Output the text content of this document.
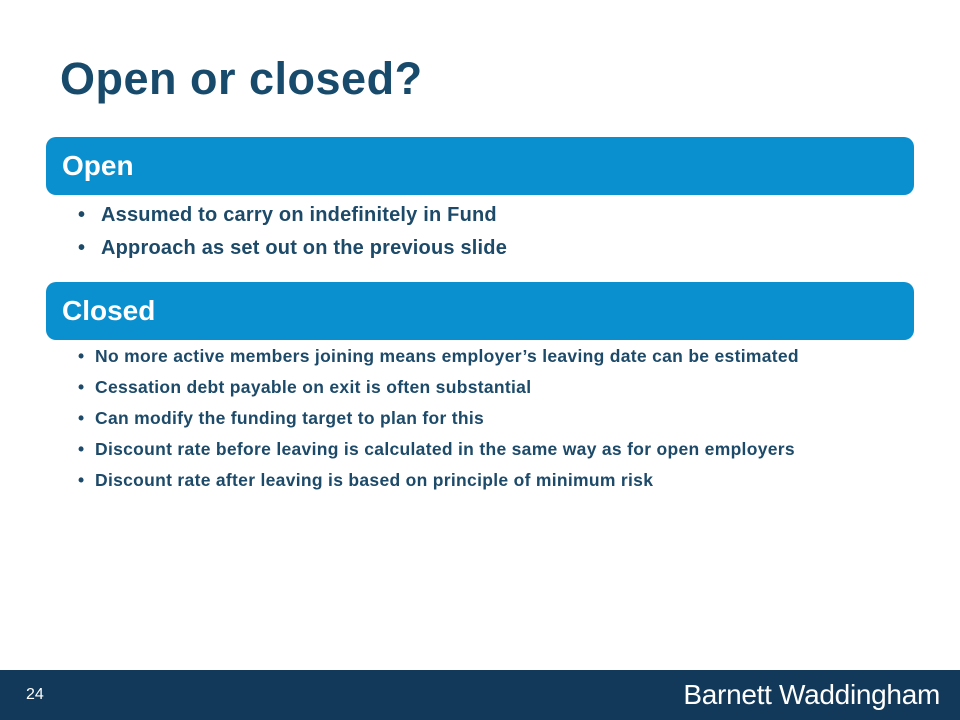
Open or closed?
Open
• Assumed to carry on indefinitely in Fund
• Approach as set out on the previous slide
Closed
• No more active members joining means employer’s leaving date can be estimated
• Cessation debt payable on exit is often substantial
• Can modify the funding target to plan for this
• Discount rate before leaving is calculated in the same way as for open employers
• Discount rate after leaving is based on principle of minimum risk
24	Barnett Waddingham
